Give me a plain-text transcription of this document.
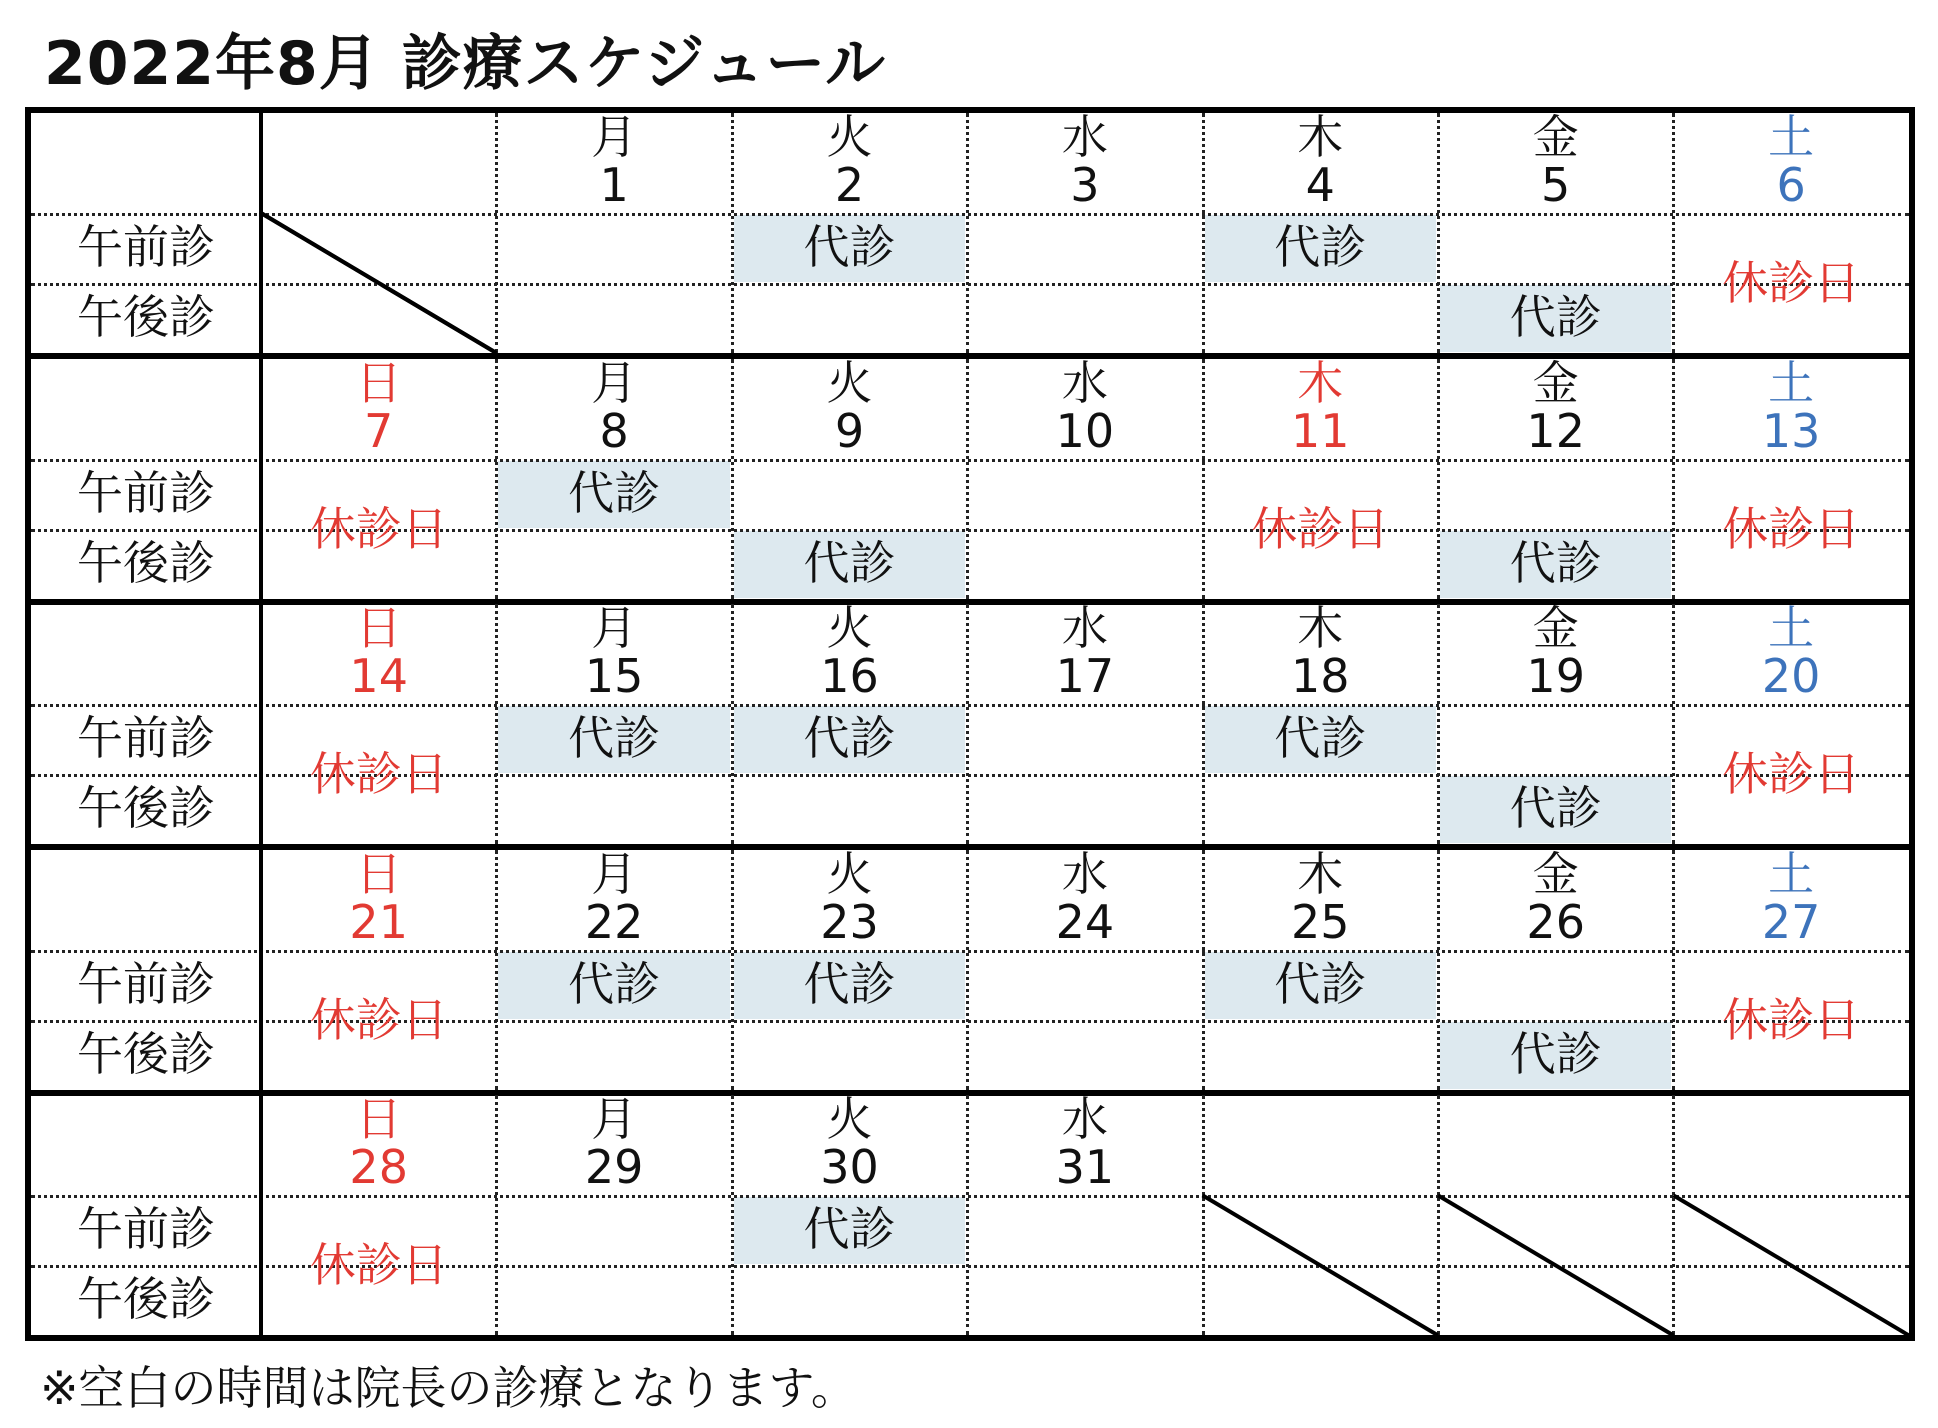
2022年8月 診療スケジュール
午前診
午後診
月
1
火
2
代診
水
3
木
4
代診
金
5
代診
土
6
休診日
午前診
午後診
日
7
休診日
月
8
代診
火
9
代診
水
10
木
11
休診日
金
12
代診
土
13
休診日
午前診
午後診
日
14
休診日
月
15
代診
火
16
代診
水
17
木
18
代診
金
19
代診
土
20
休診日
午前診
午後診
日
21
休診日
月
22
代診
火
23
代診
水
24
木
25
代診
金
26
代診
土
27
休診日
午前診
午後診
日
28
休診日
月
29
火
30
代診
水
31
※空白の時間は院長の診療となります。
